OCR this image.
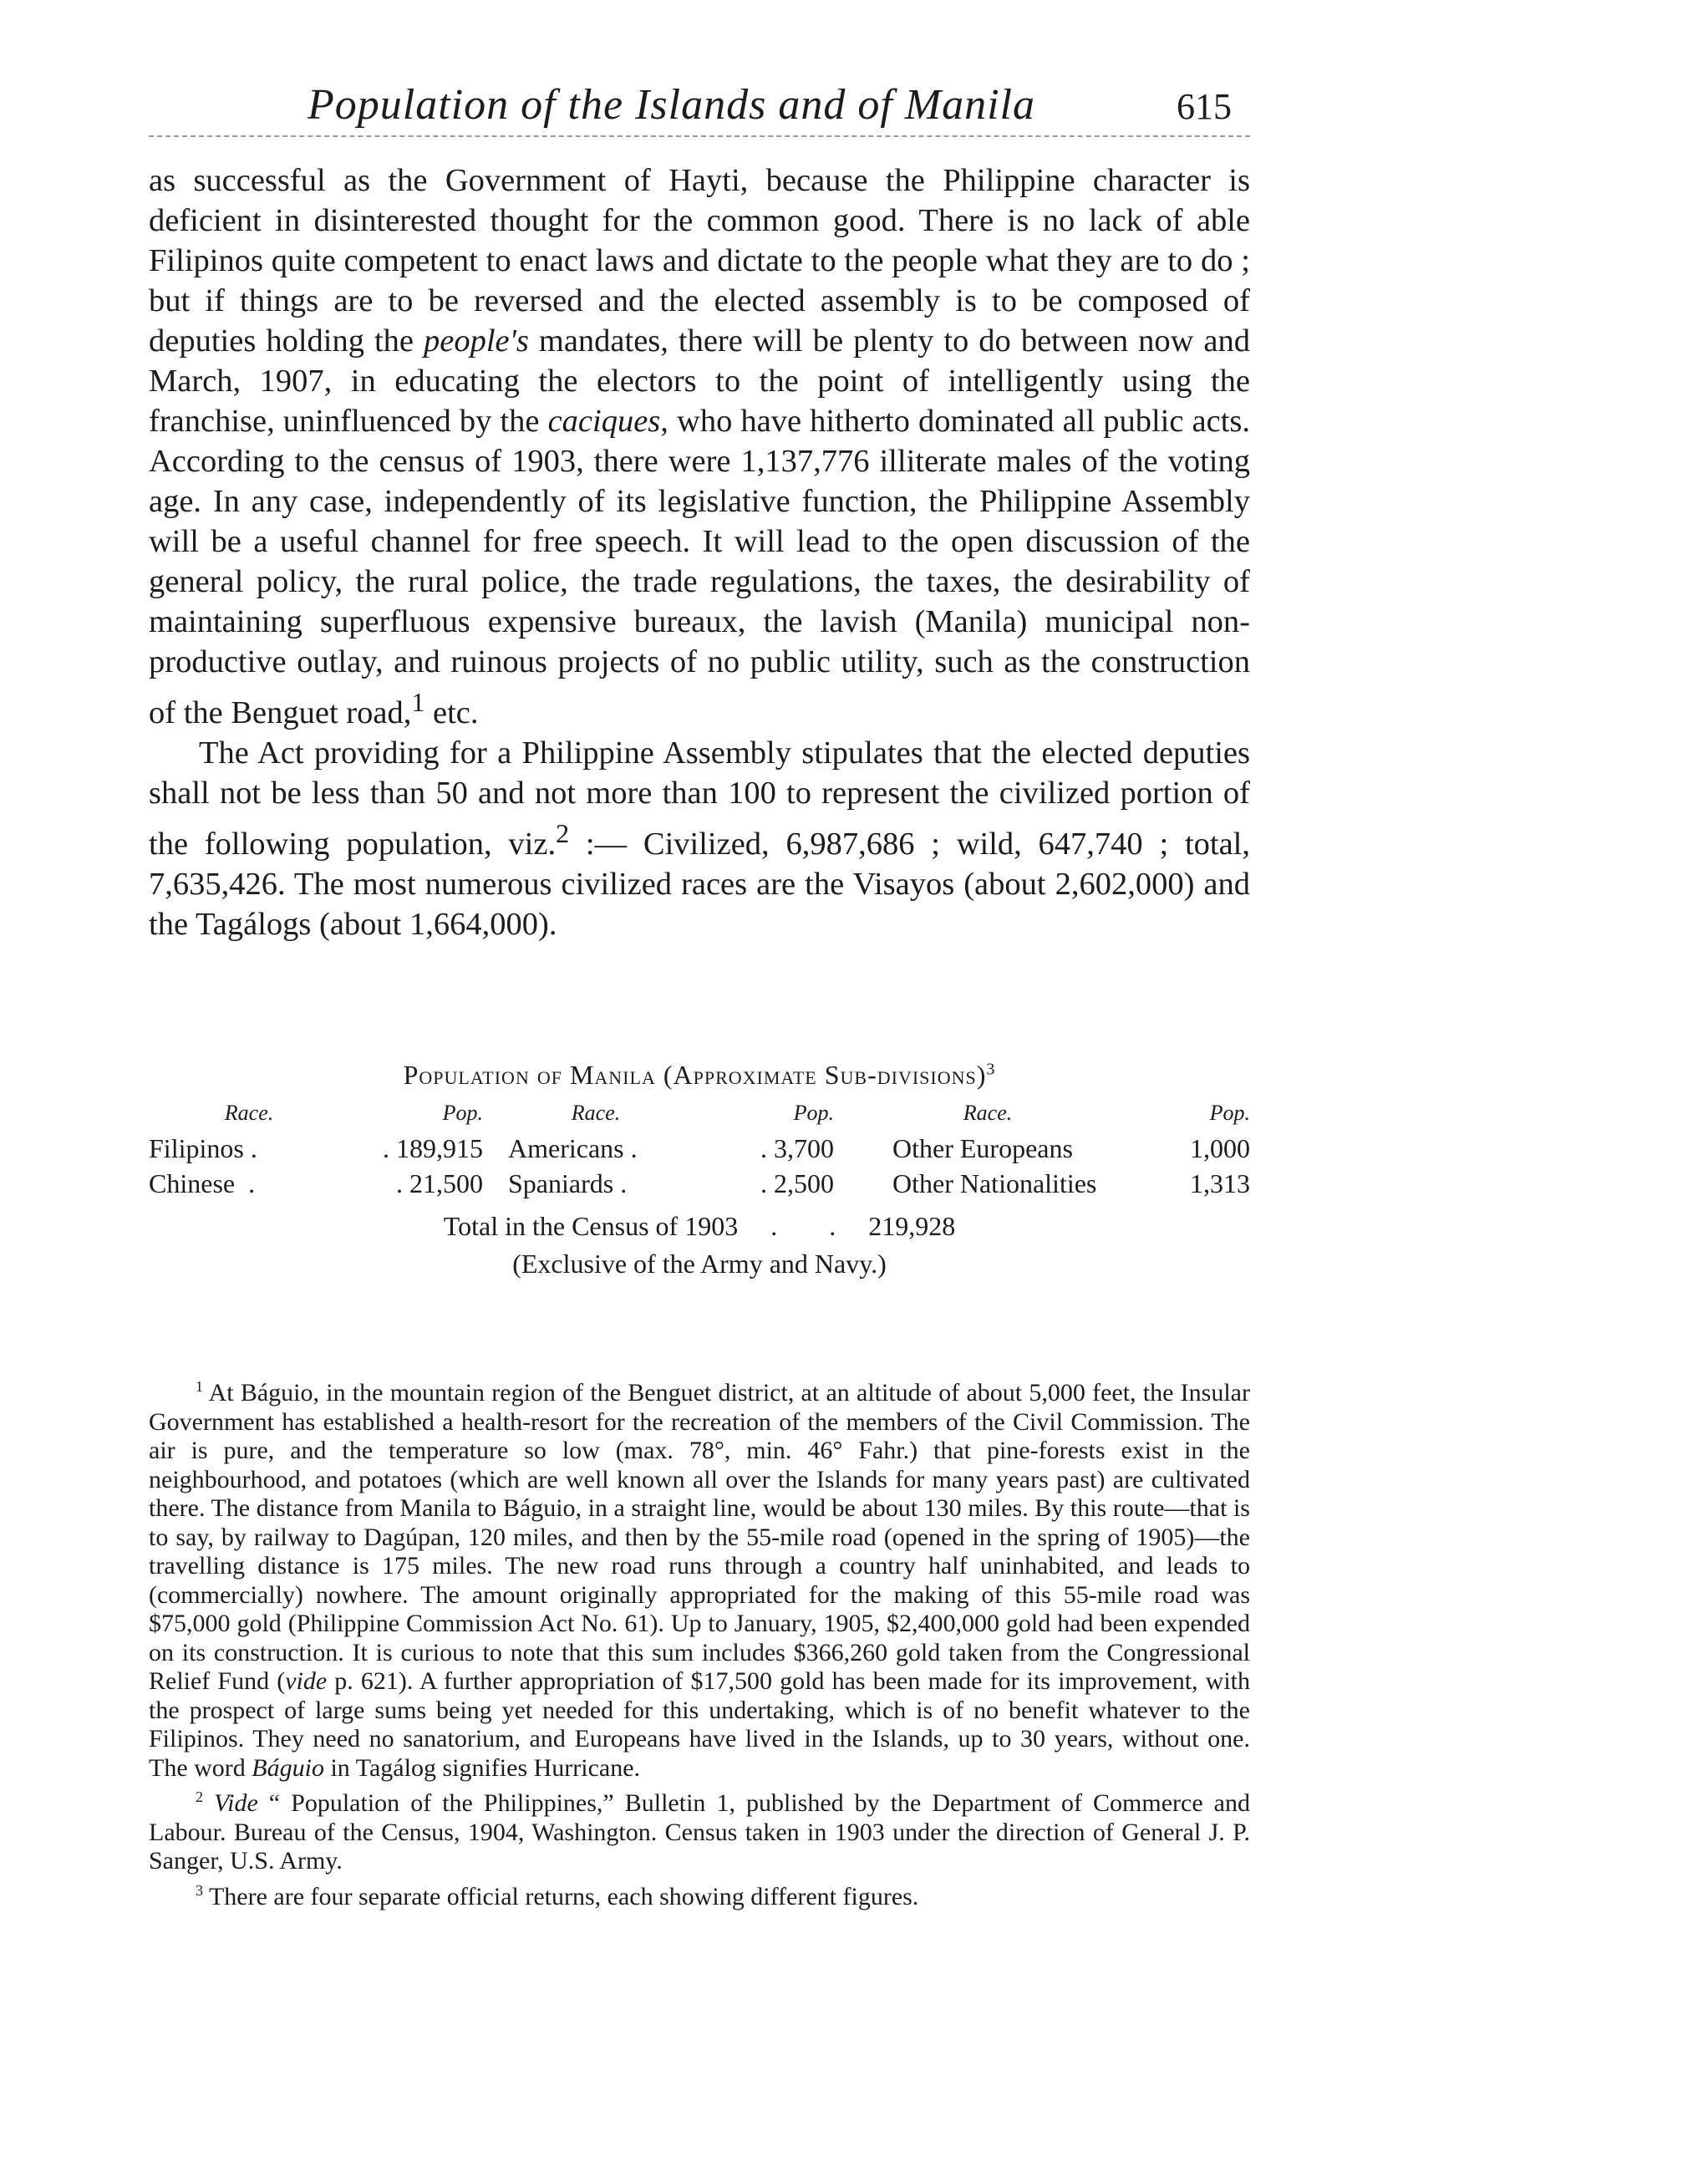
Population of the Islands and of Manila	615

as successful as the Government of Hayti, because the Philippine character is deficient in disinterested thought for the common good. There is no lack of able Filipinos quite competent to enact laws and dictate to the people what they are to do ; but if things are to be reversed and the elected assembly is to be composed of deputies holding the people's mandates, there will be plenty to do between now and March, 1907, in educating the electors to the point of intelligently using the franchise, uninfluenced by the caciques, who have hitherto dominated all public acts. According to the census of 1903, there were 1,137,776 illiterate males of the voting age. In any case, independently of its legislative function, the Philippine Assembly will be a useful channel for free speech. It will lead to the open discussion of the general policy, the rural police, the trade regulations, the taxes, the desirability of maintaining superfluous expensive bureaux, the lavish (Manila) municipal non-productive outlay, and ruinous projects of no public utility, such as the construction of the Benguet road,$^1$ etc.

The Act providing for a Philippine Assembly stipulates that the elected deputies shall not be less than 50 and not more than 100 to represent the civilized portion of the following population, viz.$^2$ :— Civilized, 6,987,686 ; wild, 647,740 ; total, 7,635,426. The most numerous civilized races are the Visayos (about 2,602,000) and the Tagálogs (about 1,664,000).

Population of Manila (Approximate Sub-divisions)$^3$
Race.	Pop.	Race.	Pop.	Race.	Pop.
Filipinos .	. 189,915	Americans .	. 3,700	Other Europeans	1,000
Chinese  .	. 21,500	Spaniards .	. 2,500	Other Nationalities	1,313
Total in the Census of 1903 . . 219,928
(Exclusive of the Army and Navy.)

$^1$ At Báguio, in the mountain region of the Benguet district, at an altitude of about 5,000 feet, the Insular Government has established a health-resort for the recreation of the members of the Civil Commission. The air is pure, and the temperature so low (max. 78°, min. 46° Fahr.) that pine-forests exist in the neighbourhood, and potatoes (which are well known all over the Islands for many years past) are cultivated there. The distance from Manila to Báguio, in a straight line, would be about 130 miles. By this route—that is to say, by railway to Dagúpan, 120 miles, and then by the 55-mile road (opened in the spring of 1905)—the travelling distance is 175 miles. The new road runs through a country half uninhabited, and leads to (commercially) nowhere. The amount originally appropriated for the making of this 55-mile road was $75,000 gold (Philippine Commission Act No. 61). Up to January, 1905, $2,400,000 gold had been expended on its construction. It is curious to note that this sum includes $366,260 gold taken from the Congressional Relief Fund (vide p. 621). A further appropriation of $17,500 gold has been made for its improvement, with the prospect of large sums being yet needed for this undertaking, which is of no benefit whatever to the Filipinos. They need no sanatorium, and Europeans have lived in the Islands, up to 30 years, without one. The word Báguio in Tagálog signifies Hurricane.

$^2$ Vide “ Population of the Philippines,” Bulletin 1, published by the Department of Commerce and Labour. Bureau of the Census, 1904, Washington. Census taken in 1903 under the direction of General J. P. Sanger, U.S. Army.

$^3$ There are four separate official returns, each showing different figures.
